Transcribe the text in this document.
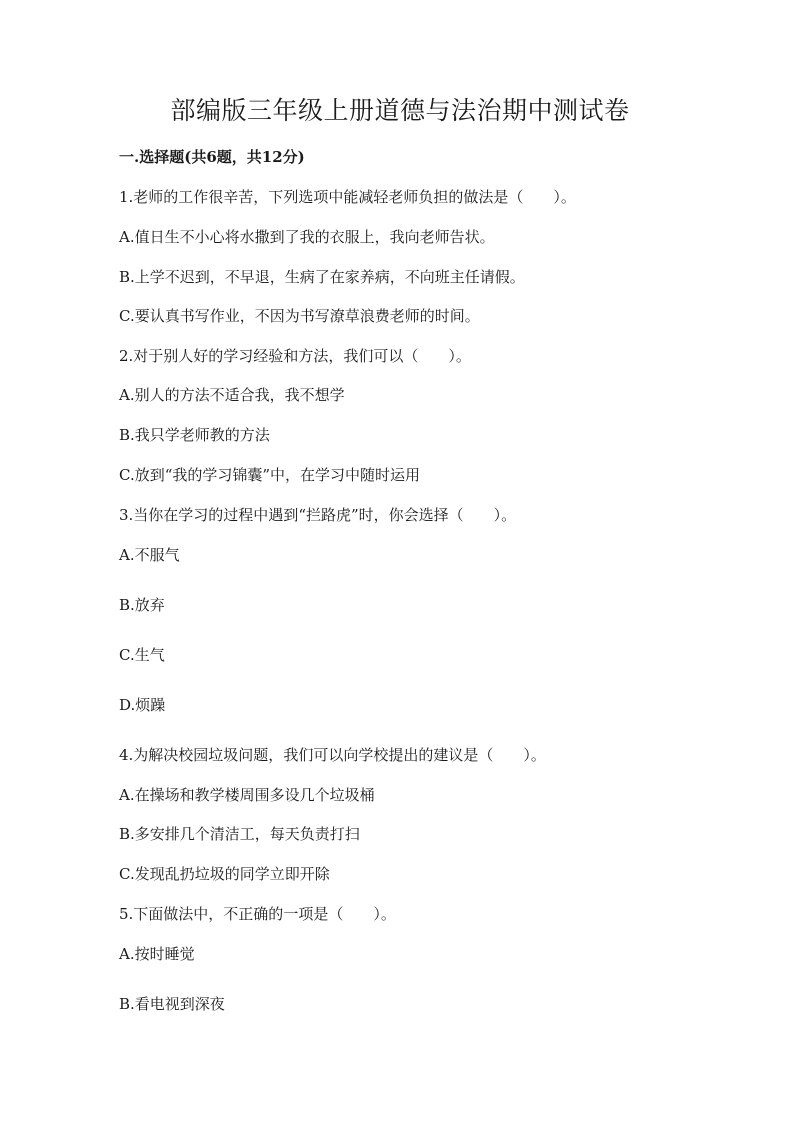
部编版三年级上册道德与法治期中测试卷
一.选择题(共6题，共12分)
1.老师的工作很辛苦，下列选项中能减轻老师负担的做法是（　　）。
A.值日生不小心将水撒到了我的衣服上，我向老师告状。
B.上学不迟到，不早退，生病了在家养病，不向班主任请假。
C.要认真书写作业，不因为书写潦草浪费老师的时间。
2.对于别人好的学习经验和方法，我们可以（　　）。
A.别人的方法不适合我，我不想学
B.我只学老师教的方法
C.放到“我的学习锦囊”中，在学习中随时运用
3.当你在学习的过程中遇到“拦路虎”时，你会选择（　　）。
A.不服气
B.放弃
C.生气
D.烦躁
4.为解决校园垃圾问题，我们可以向学校提出的建议是（　　）。
A.在操场和教学楼周围多设几个垃圾桶
B.多安排几个清洁工，每天负责打扫
C.发现乱扔垃圾的同学立即开除
5.下面做法中，不正确的一项是（　　）。
A.按时睡觉
B.看电视到深夜
